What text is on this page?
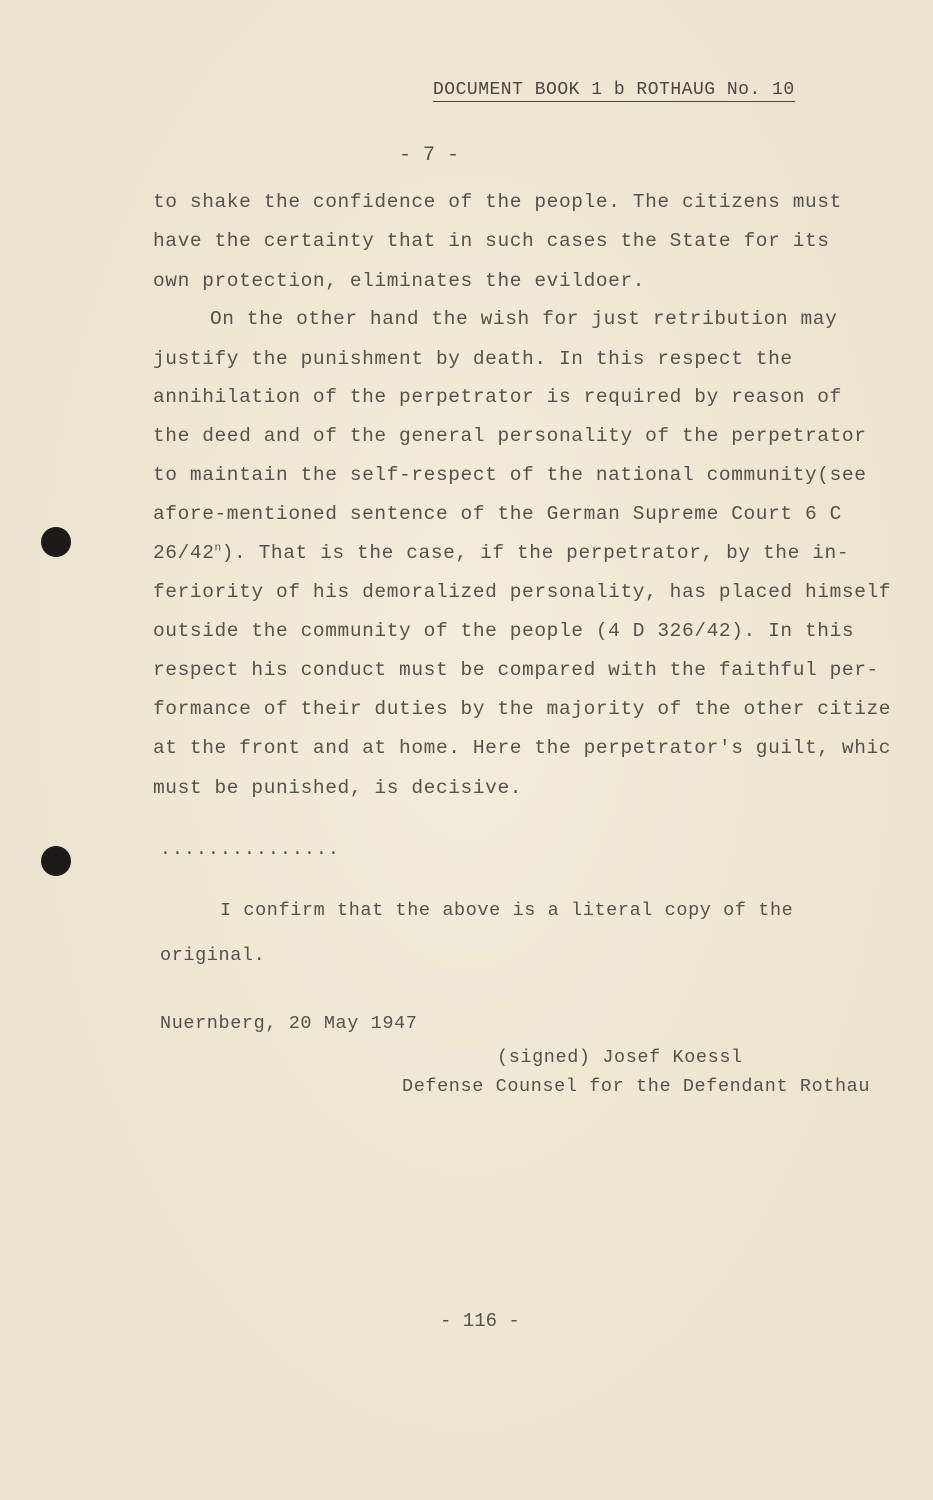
DOCUMENT BOOK 1 b ROTHAUG No. 10
- 7 -
to shake the confidence of the people. The citizens must
have the certainty that in such cases the State for its
own protection, eliminates the evildoer.
On the other hand the wish for just retribution may
justify the punishment by death. In this respect the
annihilation of the perpetrator is required by reason of
the deed and of the general personality of the perpetrator
to maintain the self-respect of the national community(see
afore-mentioned sentence of the German Supreme Court 6 C
26/42$^n$). That is the case, if the perpetrator, by the in-
feriority of his demoralized personality, has placed himself
outside the community of the people (4 D 326/42). In this
respect his conduct must be compared with the faithful per-
formance of their duties by the majority of the other citize
at the front and at home. Here the perpetrator's guilt, whic
must be punished, is decisive.
...............
I confirm that the above is a literal copy of the
original.
Nuernberg, 20 May 1947
(signed) Josef Koessl
Defense Counsel for the Defendant Rothau
- 116 -
